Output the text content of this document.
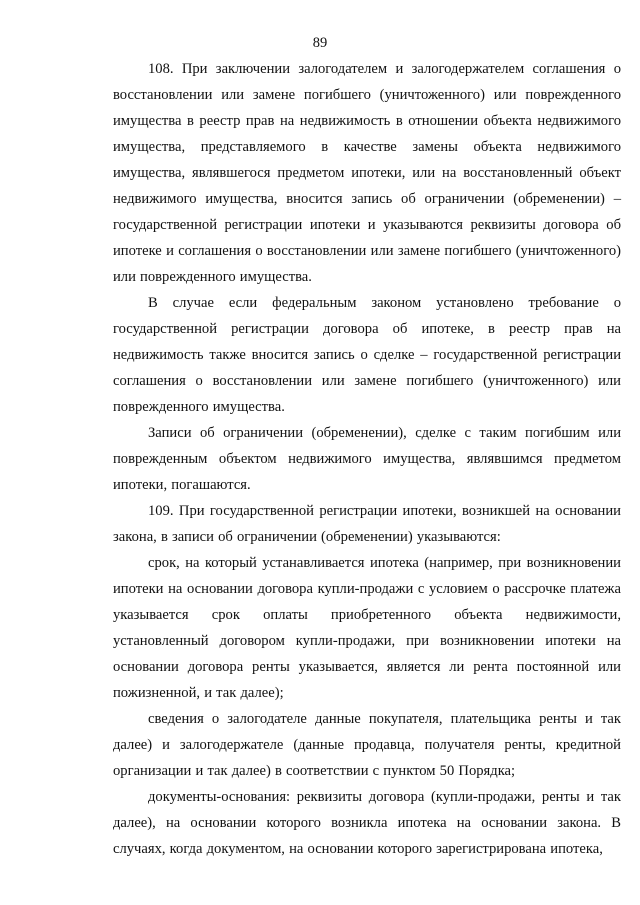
89

108. При заключении залогодателем и залогодержателем соглашения о восстановлении или замене погибшего (уничтоженного) или поврежденного имущества в реестр прав на недвижимость в отношении объекта недвижимого имущества, представляемого в качестве замены объекта недвижимого имущества, являвшегося предметом ипотеки, или на восстановленный объект недвижимого имущества, вносится запись об ограничении (обременении) – государственной регистрации ипотеки и указываются реквизиты договора об ипотеке и соглашения о восстановлении или замене погибшего (уничтоженного) или поврежденного имущества.

В случае если федеральным законом установлено требование о государственной регистрации договора об ипотеке, в реестр прав на недвижимость также вносится запись о сделке – государственной регистрации соглашения о восстановлении или замене погибшего (уничтоженного) или поврежденного имущества.

Записи об ограничении (обременении), сделке с таким погибшим или поврежденным объектом недвижимого имущества, являвшимся предметом ипотеки, погашаются.

109. При государственной регистрации ипотеки, возникшей на основании закона, в записи об ограничении (обременении) указываются:

срок, на который устанавливается ипотека (например, при возникновении ипотеки на основании договора купли-продажи с условием о рассрочке платежа указывается срок оплаты приобретенного объекта недвижимости, установленный договором купли-продажи, при возникновении ипотеки на основании договора ренты указывается, является ли рента постоянной или пожизненной, и так далее);

сведения о залогодателе данные покупателя, плательщика ренты и так далее) и залогодержателе (данные продавца, получателя ренты, кредитной организации и так далее) в соответствии с пунктом 50 Порядка;

документы-основания: реквизиты договора (купли-продажи, ренты и так далее), на основании которого возникла ипотека на основании закона. В случаях, когда документом, на основании которого зарегистрирована ипотека,
